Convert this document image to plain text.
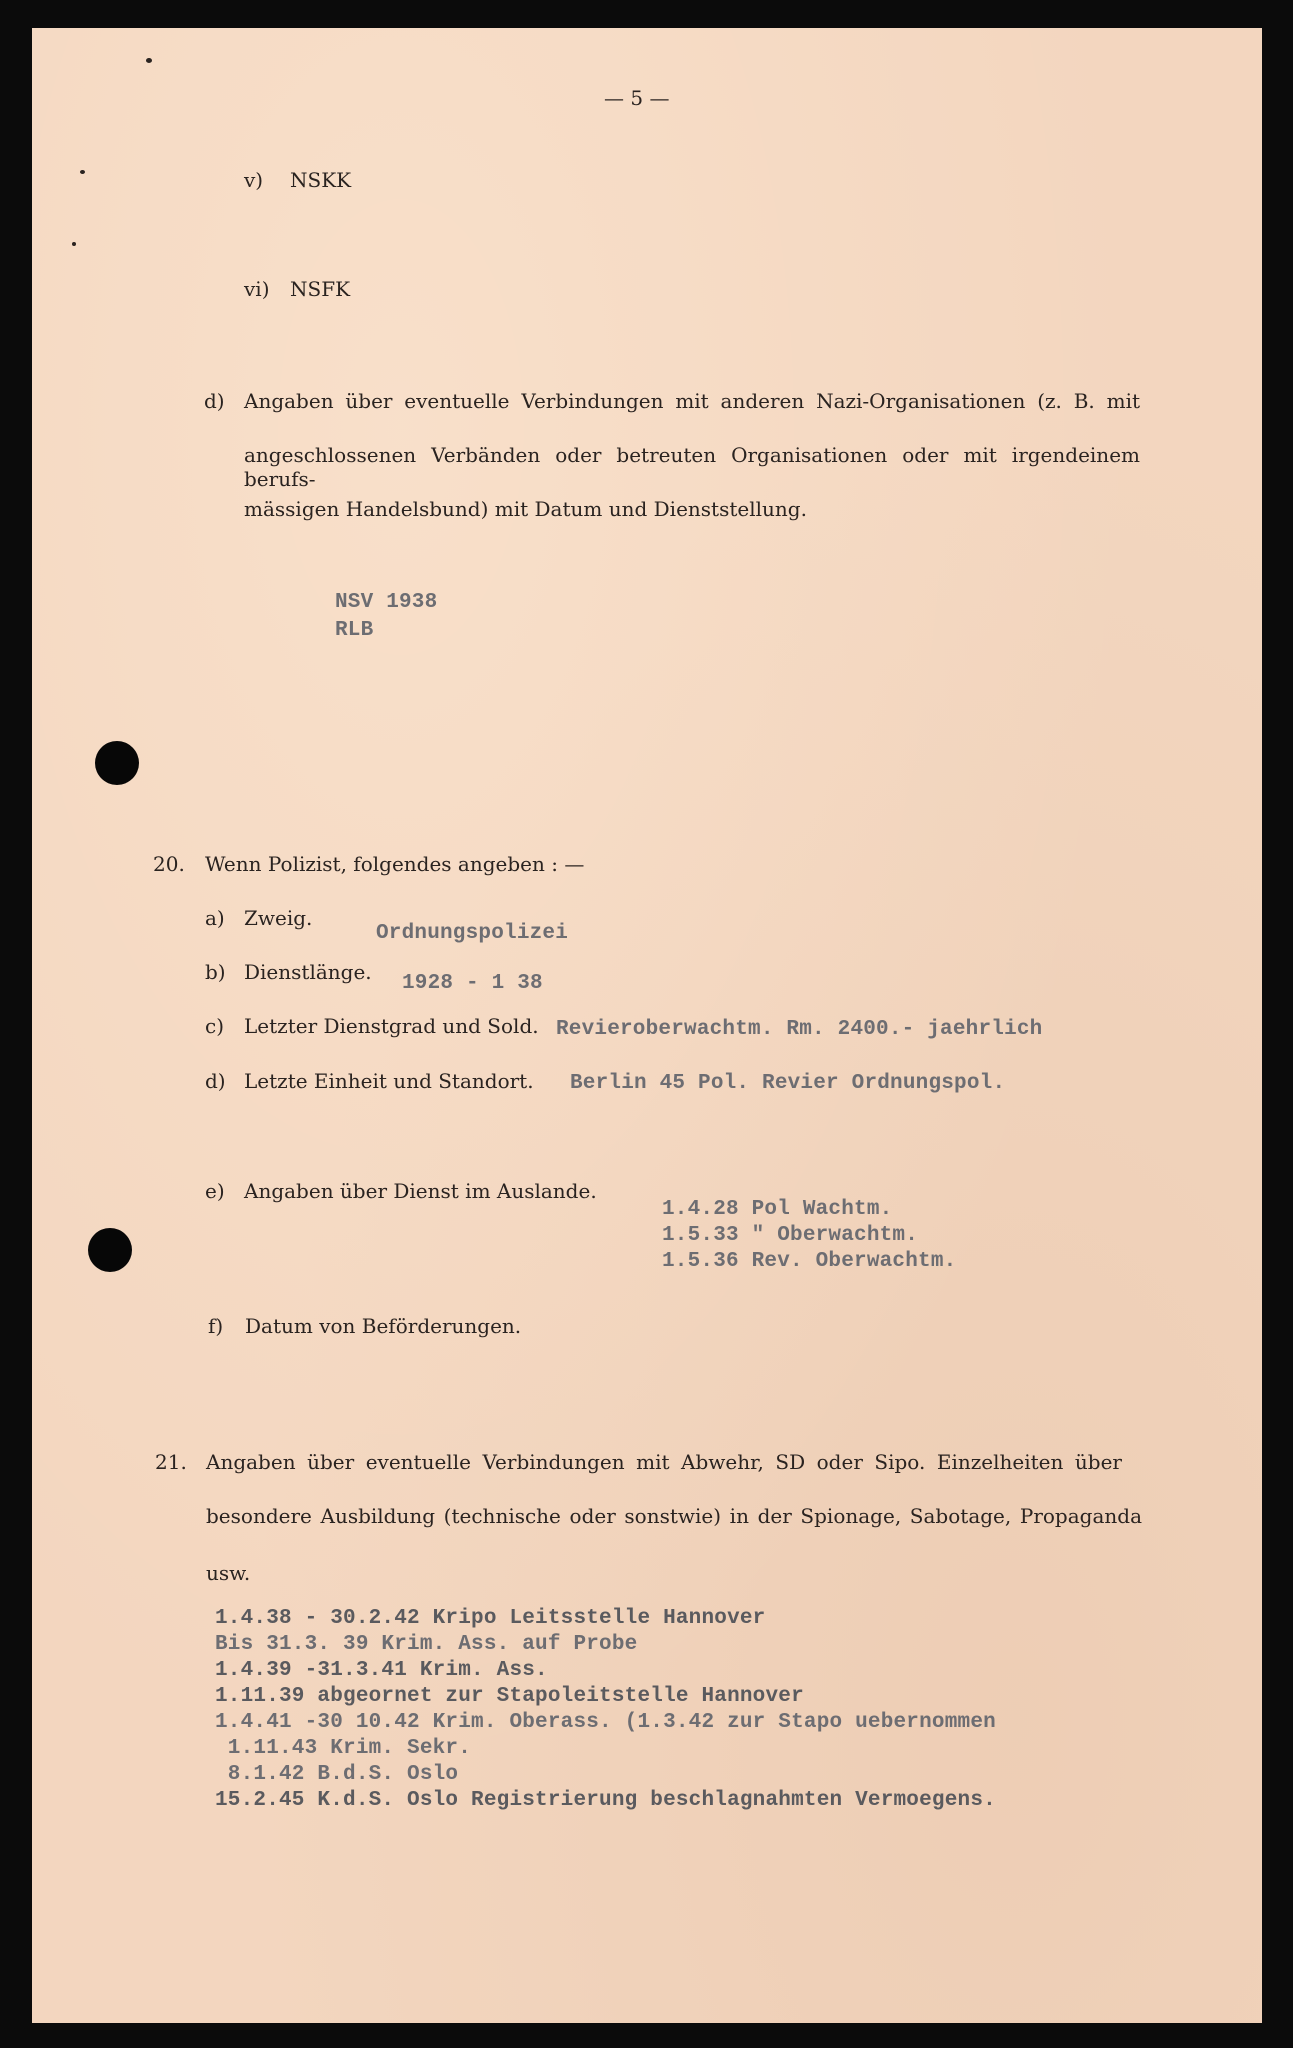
— 5 —
v) NSKK
vi) NSFK
d) Angaben über eventuelle Verbindungen mit anderen Nazi-Organisationen (z. B. mit
angeschlossenen Verbänden oder betreuten Organisationen oder mit irgendeinem berufs-
mässigen Handelsbund) mit Datum und Dienststellung.
NSV 1938
RLB
20. Wenn Polizist, folgendes angeben : —
a) Zweig.
Ordnungspolizei
b) Dienstlänge. 1928 - 1 38
c) Letzter Dienstgrad und Sold. Revieroberwachtm. Rm. 2400.- jaehrlich
d) Letzte Einheit und Standort. Berlin 45 Pol. Revier Ordnungspol.
e) Angaben über Dienst im Auslande.
1.4.28 Pol Wachtm.
1.5.33 " Oberwachtm.
1.5.36 Rev. Oberwachtm.
f) Datum von Beförderungen.
21. Angaben über eventuelle Verbindungen mit Abwehr, SD oder Sipo. Einzelheiten über
besondere Ausbildung (technische oder sonstwie) in der Spionage, Sabotage, Propaganda
usw.
1.4.38 - 30.2.42 Kripo Leitsstelle Hannover
Bis 31.3. 39 Krim. Ass. auf Probe
1.4.39 -31.3.41 Krim. Ass.
1.11.39 abgeornet zur Stapoleitstelle Hannover
1.4.41 -30 10.42 Krim. Oberass. (1.3.42 zur Stapo uebernommen
1.11.43 Krim. Sekr.
8.1.42 B.d.S. Oslo
15.2.45 K.d.S. Oslo Registrierung beschlagnahmten Vermoegens.
